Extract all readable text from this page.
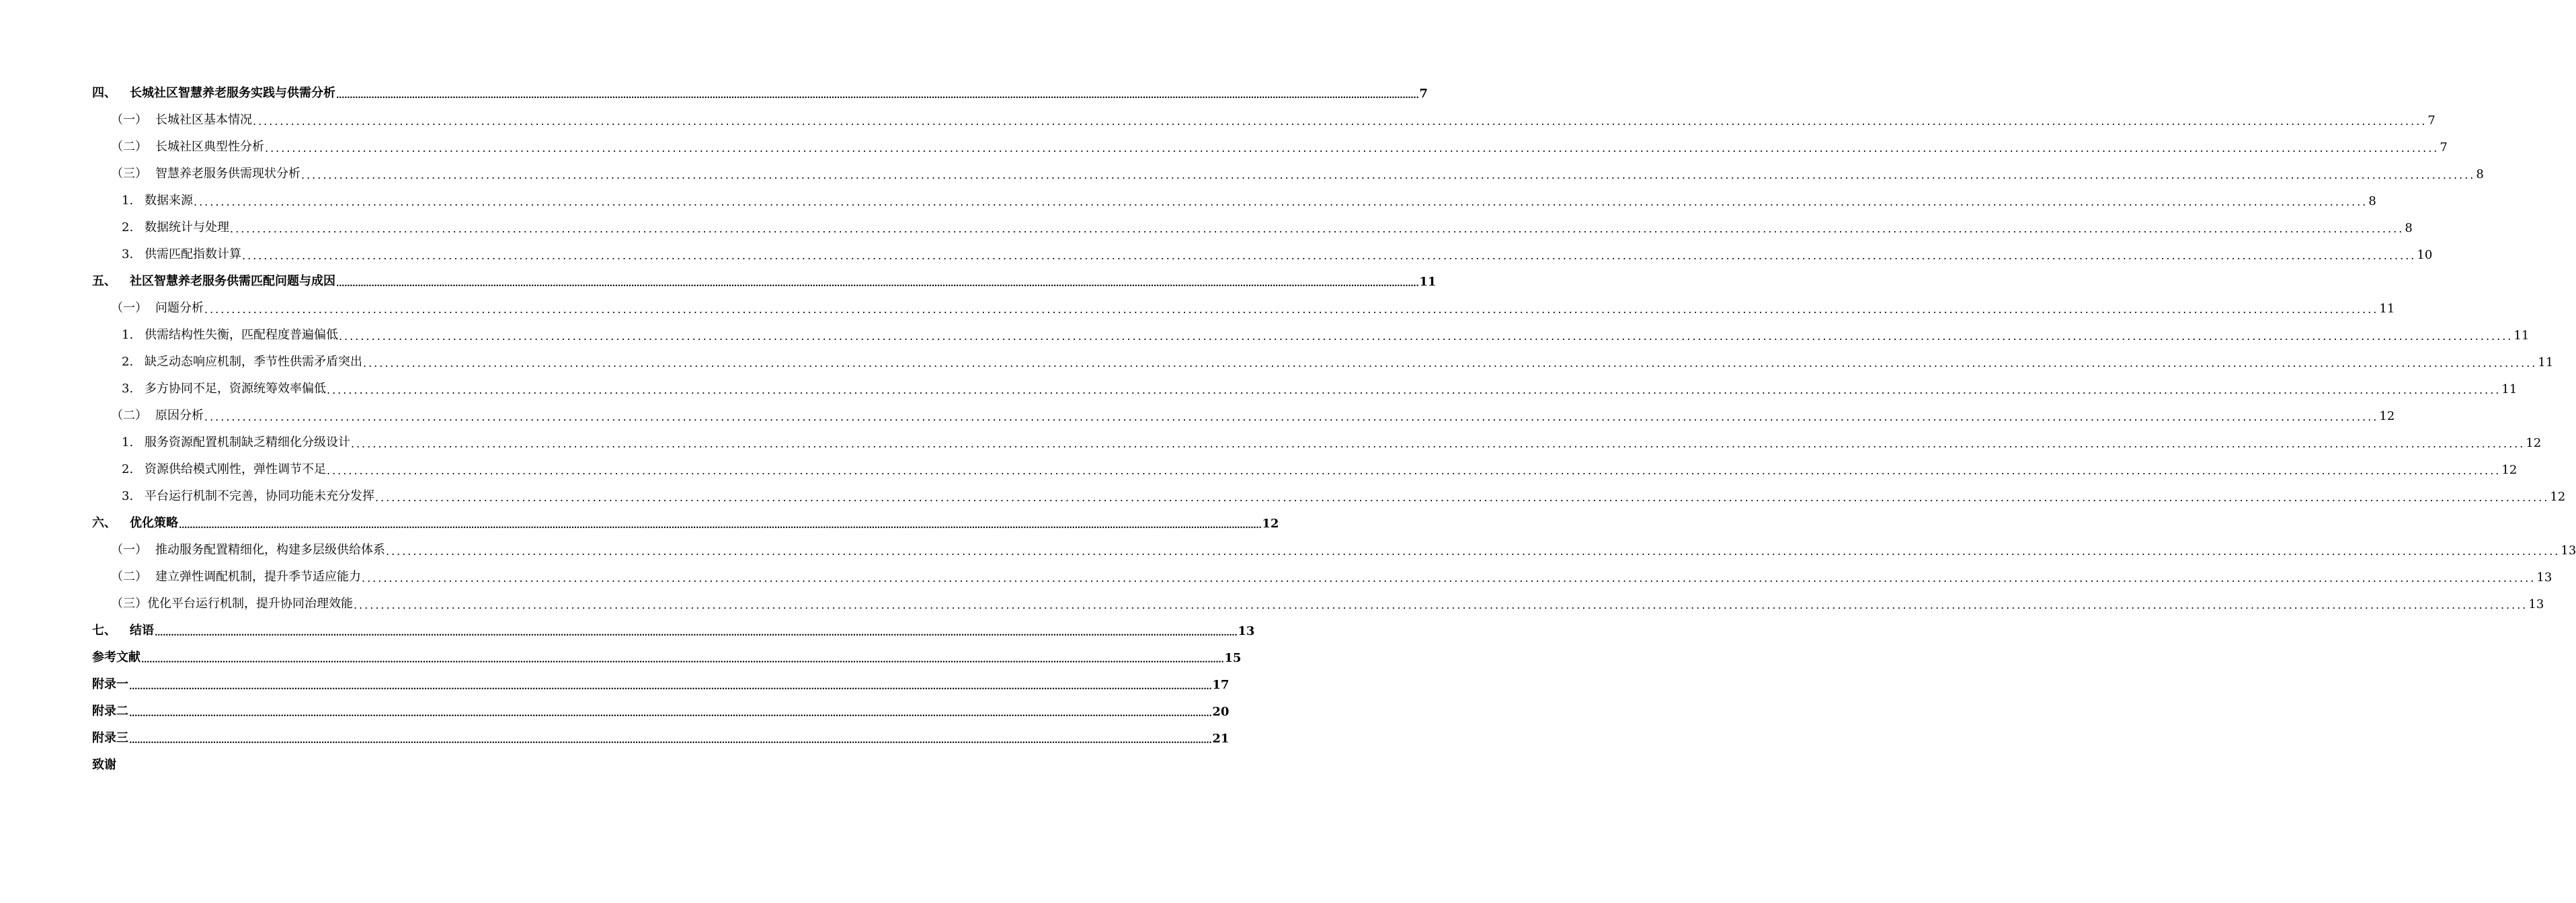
四、 长城社区智慧养老服务实践与供需分析 ................................................................................................................................................................................................................................................................................................................................................................................................................ 7
（一） 长城社区基本情况 ................................................................................................................................................................................................................................................................................................................................................................................................................ 7
（二） 长城社区典型性分析 ................................................................................................................................................................................................................................................................................................................................................................................................................ 7
（三） 智慧养老服务供需现状分析 ................................................................................................................................................................................................................................................................................................................................................................................................................ 8
1. 数据来源 ................................................................................................................................................................................................................................................................................................................................................................................................................ 8
2. 数据统计与处理 ................................................................................................................................................................................................................................................................................................................................................................................................................ 8
3. 供需匹配指数计算 ................................................................................................................................................................................................................................................................................................................................................................................................................ 10
五、 社区智慧养老服务供需匹配问题与成因 ................................................................................................................................................................................................................................................................................................................................................................................................................ 11
（一） 问题分析 ................................................................................................................................................................................................................................................................................................................................................................................................................ 11
1. 供需结构性失衡，匹配程度普遍偏低 ................................................................................................................................................................................................................................................................................................................................................................................................................ 11
2. 缺乏动态响应机制，季节性供需矛盾突出 ................................................................................................................................................................................................................................................................................................................................................................................................................ 11
3. 多方协同不足，资源统筹效率偏低 ................................................................................................................................................................................................................................................................................................................................................................................................................ 11
（二） 原因分析 ................................................................................................................................................................................................................................................................................................................................................................................................................ 12
1. 服务资源配置机制缺乏精细化分级设计 ................................................................................................................................................................................................................................................................................................................................................................................................................ 12
2. 资源供给模式刚性，弹性调节不足 ................................................................................................................................................................................................................................................................................................................................................................................................................ 12
3. 平台运行机制不完善，协同功能未充分发挥 ................................................................................................................................................................................................................................................................................................................................................................................................................ 12
六、 优化策略 ................................................................................................................................................................................................................................................................................................................................................................................................................ 12
（一） 推动服务配置精细化，构建多层级供给体系 ................................................................................................................................................................................................................................................................................................................................................................................................................ 13
（二） 建立弹性调配机制，提升季节适应能力 ................................................................................................................................................................................................................................................................................................................................................................................................................ 13
（三）优化平台运行机制，提升协同治理效能 ................................................................................................................................................................................................................................................................................................................................................................................................................ 13
七、 结语 ................................................................................................................................................................................................................................................................................................................................................................................................................ 13
参考文献 ................................................................................................................................................................................................................................................................................................................................................................................................................ 15
附录一 ................................................................................................................................................................................................................................................................................................................................................................................................................ 17
附录二 ................................................................................................................................................................................................................................................................................................................................................................................................................ 20
附录三 ................................................................................................................................................................................................................................................................................................................................................................................................................ 21
致谢
